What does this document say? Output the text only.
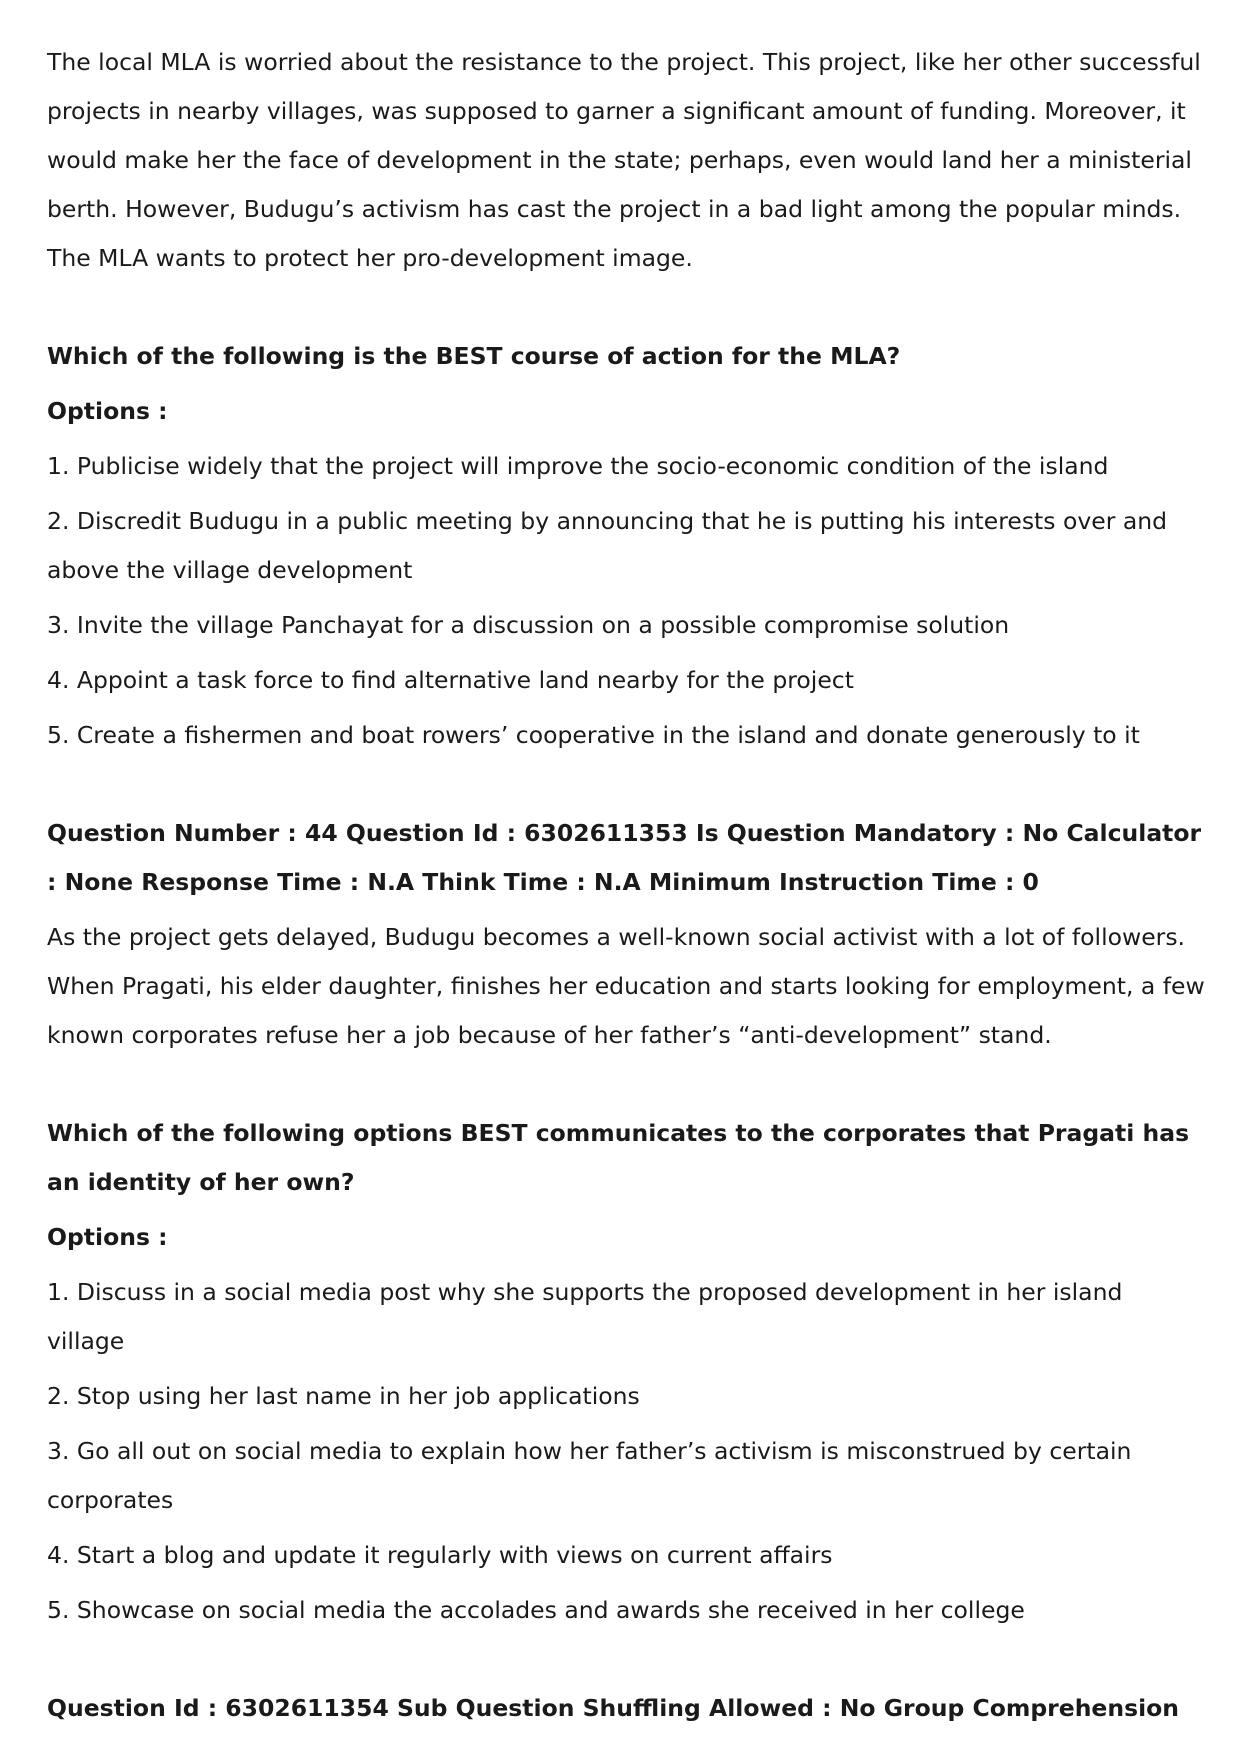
The local MLA is worried about the resistance to the project. This project, like her other successful projects in nearby villages, was supposed to garner a significant amount of funding. Moreover, it would make her the face of development in the state; perhaps, even would land her a ministerial berth. However, Budugu’s activism has cast the project in a bad light among the popular minds. The MLA wants to protect her pro-development image.

Which of the following is the BEST course of action for the MLA?

Options :

1. Publicise widely that the project will improve the socio-economic condition of the island

2. Discredit Budugu in a public meeting by announcing that he is putting his interests over and above the village development

3. Invite the village Panchayat for a discussion on a possible compromise solution

4. Appoint a task force to find alternative land nearby for the project

5. Create a fishermen and boat rowers’ cooperative in the island and donate generously to it

Question Number : 44 Question Id : 6302611353 Is Question Mandatory : No Calculator : None Response Time : N.A Think Time : N.A Minimum Instruction Time : 0

As the project gets delayed, Budugu becomes a well-known social activist with a lot of followers. When Pragati, his elder daughter, finishes her education and starts looking for employment, a few known corporates refuse her a job because of her father’s “anti-development” stand.

Which of the following options BEST communicates to the corporates that Pragati has an identity of her own?

Options :

1. Discuss in a social media post why she supports the proposed development in her island village

2. Stop using her last name in her job applications

3. Go all out on social media to explain how her father’s activism is misconstrued by certain corporates

4. Start a blog and update it regularly with views on current affairs

5. Showcase on social media the accolades and awards she received in her college

Question Id : 6302611354 Sub Question Shuffling Allowed : No Group Comprehension
